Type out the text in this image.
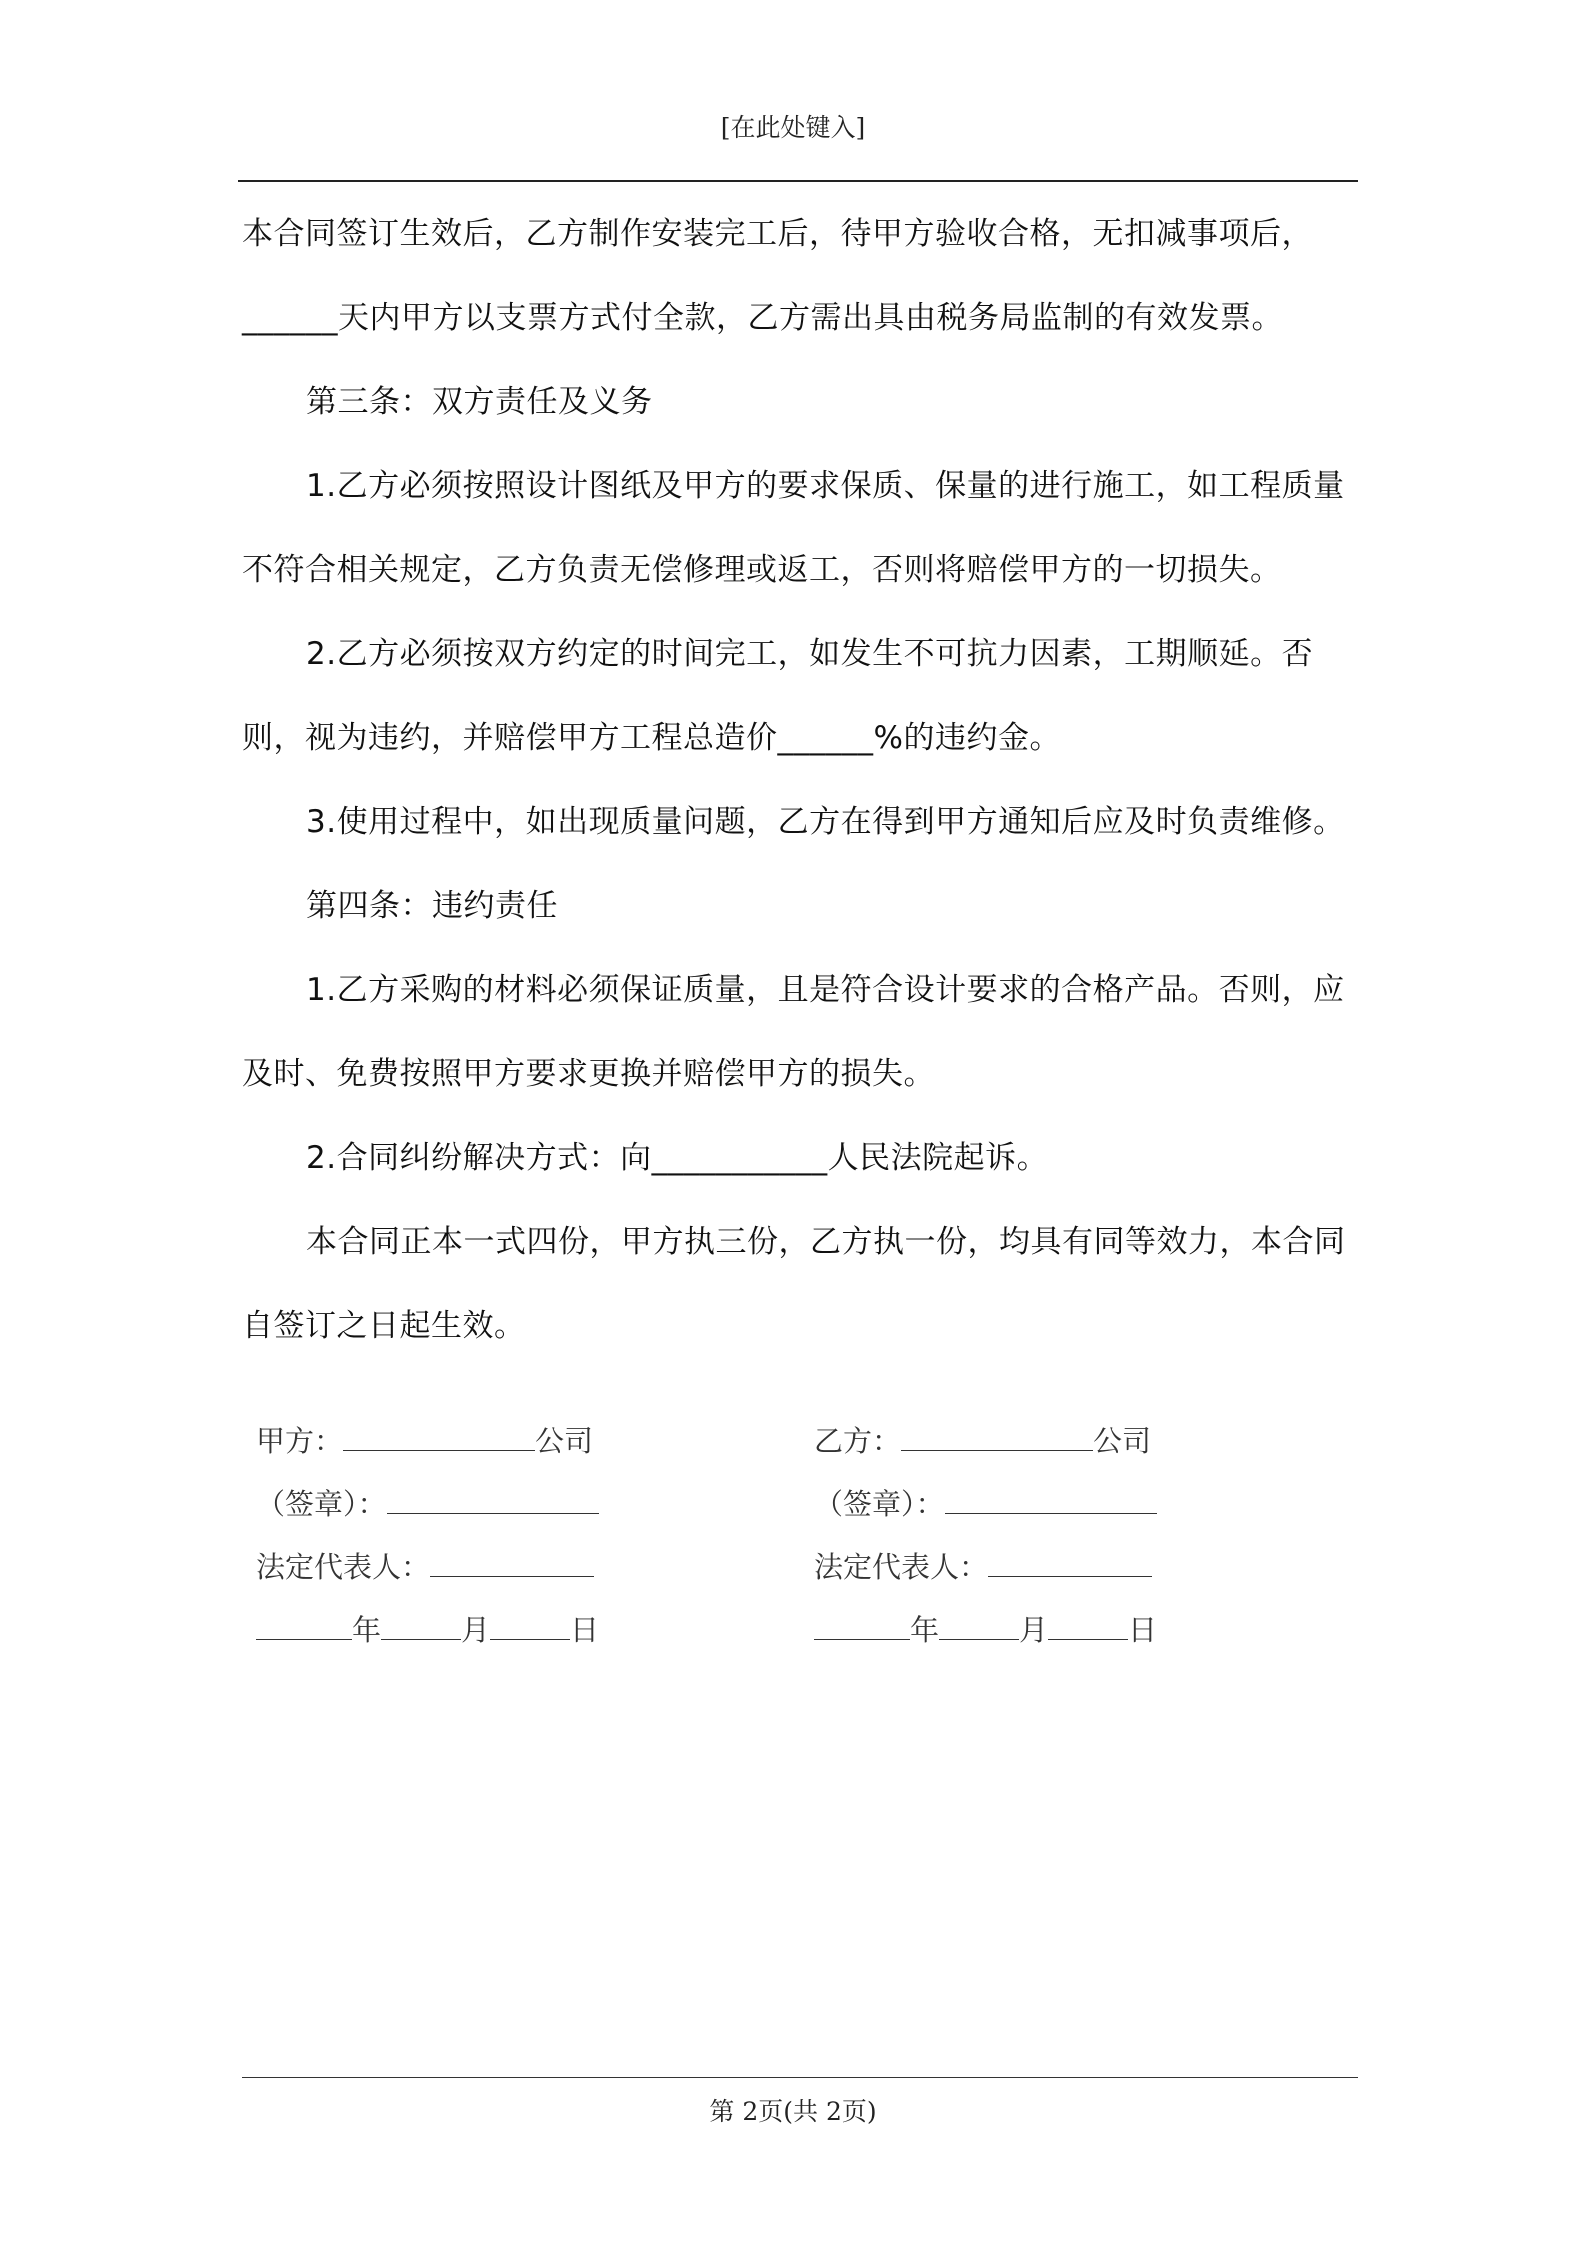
[在此处键入]

本合同签订生效后，乙方制作安装完工后，待甲方验收合格，无扣减事项后，______天内甲方以支票方式付全款，乙方需出具由税务局监制的有效发票。

第三条：双方责任及义务

1.乙方必须按照设计图纸及甲方的要求保质、保量的进行施工，如工程质量不符合相关规定，乙方负责无偿修理或返工，否则将赔偿甲方的一切损失。

2.乙方必须按双方约定的时间完工，如发生不可抗力因素，工期顺延。否则，视为违约，并赔偿甲方工程总造价______%的违约金。

3.使用过程中，如出现质量问题，乙方在得到甲方通知后应及时负责维修。

第四条：违约责任

1.乙方采购的材料必须保证质量，且是符合设计要求的合格产品。否则，应及时、免费按照甲方要求更换并赔偿甲方的损失。

2.合同纠纷解决方式：向___________人民法院起诉。

本合同正本一式四份，甲方执三份，乙方执一份，均具有同等效力，本合同自签订之日起生效。

甲方：	公司
（签章）：
法定代表人：
年	月	日
乙方：	公司
（签章）：
法定代表人：
年	月	日
第 2页(共 2页)
